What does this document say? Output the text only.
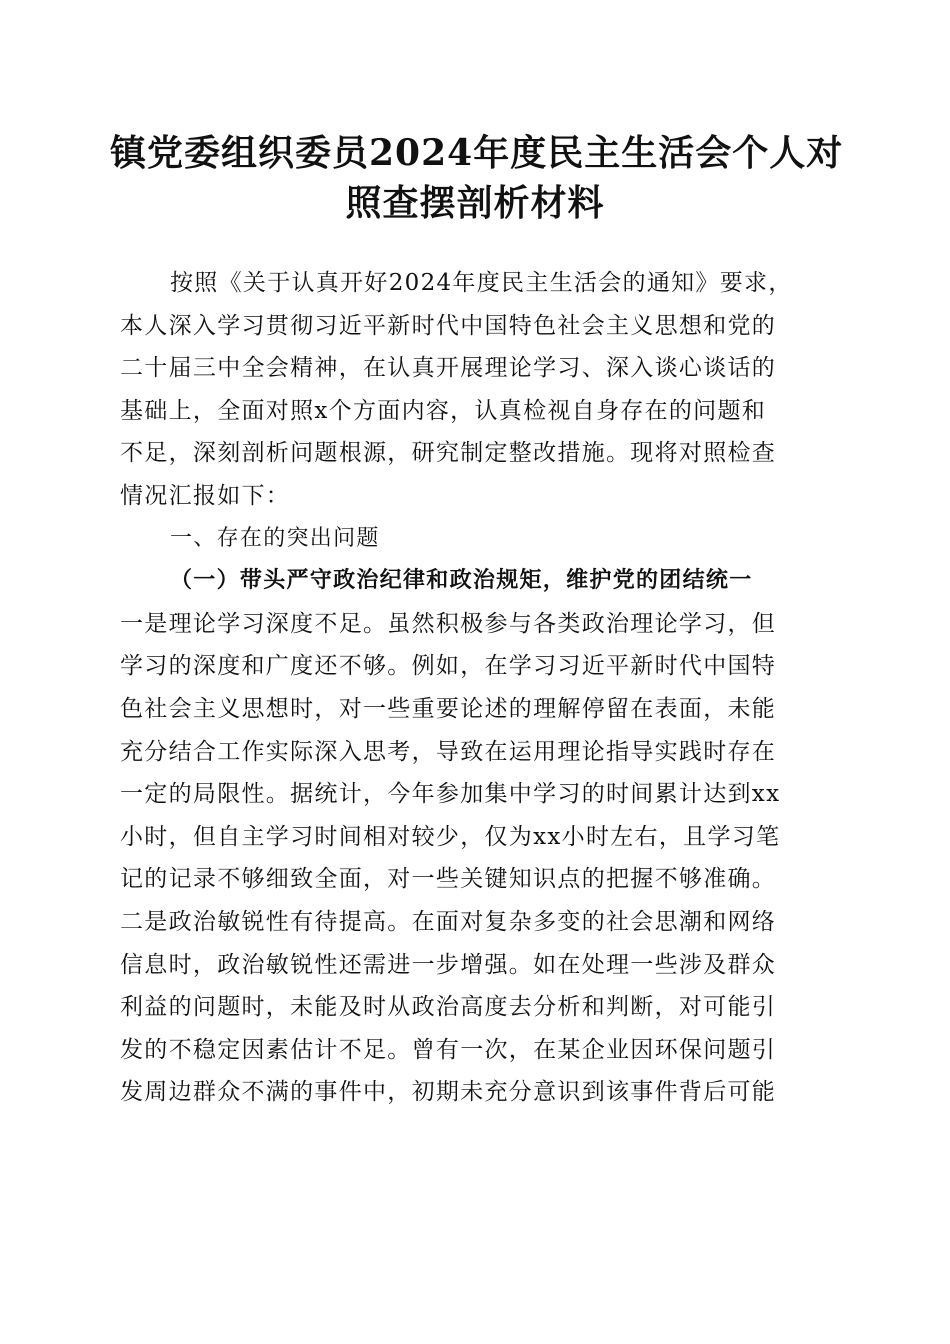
镇党委组织委员2024年度民主生活会个人对
照查摆剖析材料
按照《关于认真开好2024年度民主生活会的通知》要求，
本人深入学习贯彻习近平新时代中国特色社会主义思想和党的
二十届三中全会精神，在认真开展理论学习、深入谈心谈话的
基础上，全面对照x个方面内容，认真检视自身存在的问题和
不足，深刻剖析问题根源，研究制定整改措施。现将对照检查
情况汇报如下：
一、存在的突出问题
（一）带头严守政治纪律和政治规矩，维护党的团结统一
一是理论学习深度不足。虽然积极参与各类政治理论学习，但
学习的深度和广度还不够。例如，在学习习近平新时代中国特
色社会主义思想时，对一些重要论述的理解停留在表面，未能
充分结合工作实际深入思考，导致在运用理论指导实践时存在
一定的局限性。据统计，今年参加集中学习的时间累计达到xx
小时，但自主学习时间相对较少，仅为xx小时左右，且学习笔
记的记录不够细致全面，对一些关键知识点的把握不够准确。
二是政治敏锐性有待提高。在面对复杂多变的社会思潮和网络
信息时，政治敏锐性还需进一步增强。如在处理一些涉及群众
利益的问题时，未能及时从政治高度去分析和判断，对可能引
发的不稳定因素估计不足。曾有一次，在某企业因环保问题引
发周边群众不满的事件中，初期未充分意识到该事件背后可能
